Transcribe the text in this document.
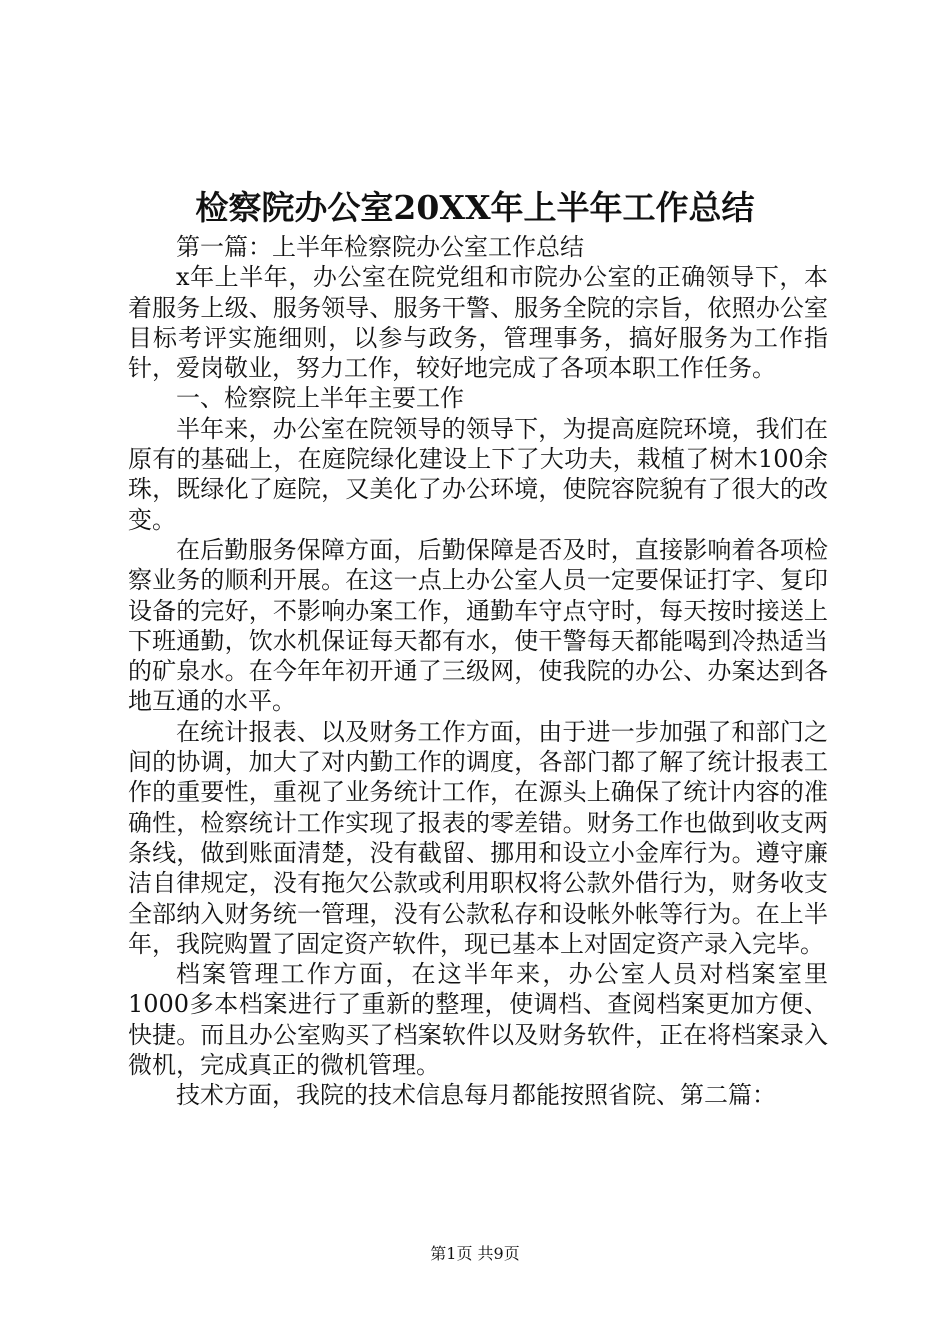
检察院办公室20XX年上半年工作总结

第一篇：上半年检察院办公室工作总结

x年上半年，办公室在院党组和市院办公室的正确领导下，本着服务上级、服务领导、服务干警、服务全院的宗旨，依照办公室目标考评实施细则，以参与政务，管理事务，搞好服务为工作指针，爱岗敬业，努力工作，较好地完成了各项本职工作任务。

一、检察院上半年主要工作

半年来，办公室在院领导的领导下，为提高庭院环境，我们在原有的基础上，在庭院绿化建设上下了大功夫，栽植了树木100余珠，既绿化了庭院，又美化了办公环境，使院容院貌有了很大的改变。

在后勤服务保障方面，后勤保障是否及时，直接影响着各项检察业务的顺利开展。在这一点上办公室人员一定要保证打字、复印设备的完好，不影响办案工作，通勤车守点守时，每天按时接送上下班通勤，饮水机保证每天都有水，使干警每天都能喝到冷热适当的矿泉水。在今年年初开通了三级网，使我院的办公、办案达到各地互通的水平。

在统计报表、以及财务工作方面，由于进一步加强了和部门之间的协调，加大了对内勤工作的调度，各部门都了解了统计报表工作的重要性，重视了业务统计工作，在源头上确保了统计内容的准确性，检察统计工作实现了报表的零差错。财务工作也做到收支两条线，做到账面清楚，没有截留、挪用和设立小金库行为。遵守廉洁自律规定，没有拖欠公款或利用职权将公款外借行为，财务收支全部纳入财务统一管理，没有公款私存和设帐外帐等行为。在上半年，我院购置了固定资产软件，现已基本上对固定资产录入完毕。

档案管理工作方面，在这半年来，办公室人员对档案室里1000多本档案进行了重新的整理，使调档、查阅档案更加方便、快捷。而且办公室购买了档案软件以及财务软件，正在将档案录入微机，完成真正的微机管理。

技术方面，我院的技术信息每月都能按照省院、第二篇：

第1页 共9页
